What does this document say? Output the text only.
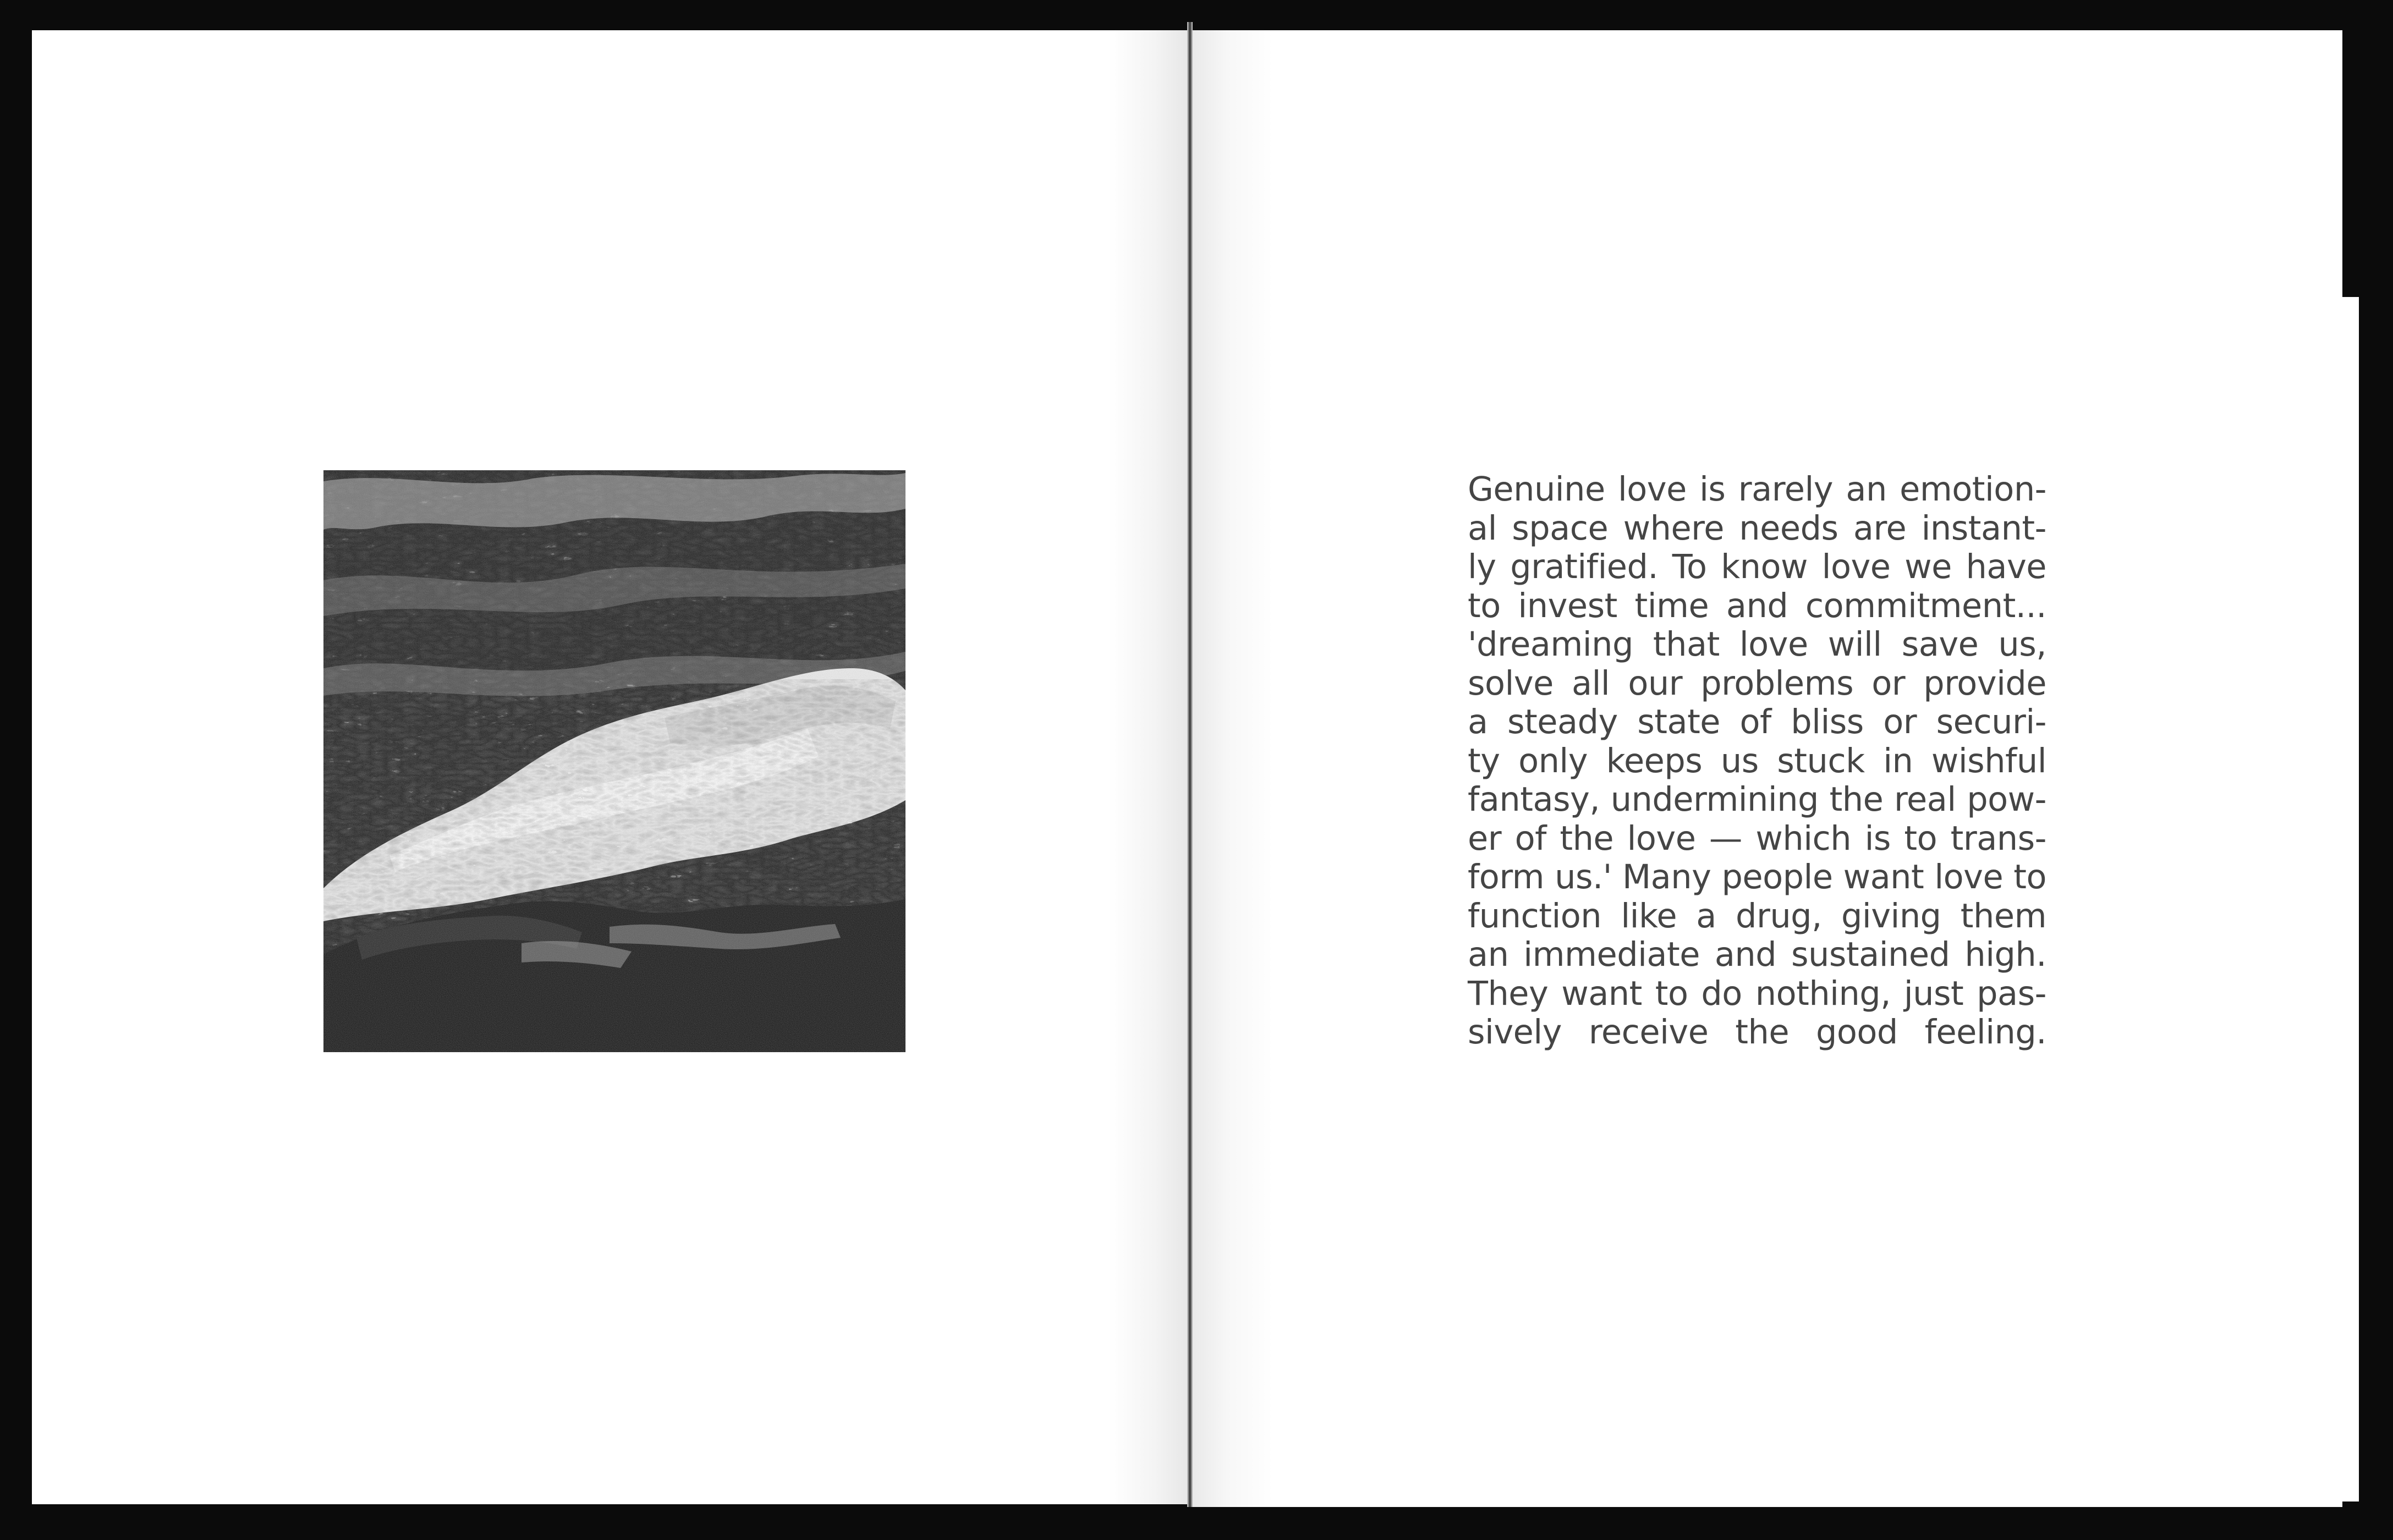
Genuine love is rarely an emotion-
al space where needs are instant-
ly gratified. To know love we have
to invest time and commitment...
'dreaming that love will save us,
solve all our problems or provide
a steady state of bliss or securi-
ty only keeps us stuck in wishful
fantasy, undermining the real pow-
er of the love — which is to trans-
form us.' Many people want love to
function like a drug, giving them
an immediate and sustained high.
They want to do nothing, just pas-
sively receive the good feeling.
